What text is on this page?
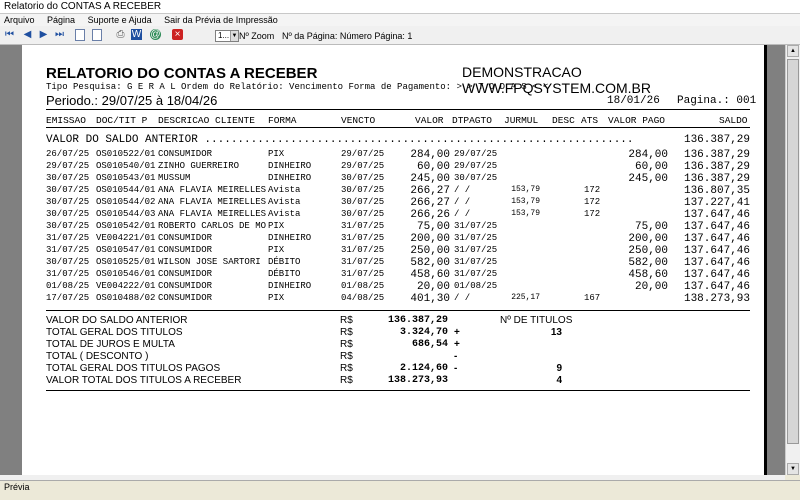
Relatorio do CONTAS A RECEBER
Arquivo Página Suporte e Ajuda Sair da Prévia de Impressão
⏮ ◀ ▶ ⏭	⎙ W @ ×	1... ▼ Nº Zoom Nº da Página: Número Página: 1
RELATORIO DO CONTAS A RECEBER	DEMONSTRACAO WWW.FPQSYSTEM.COM.BR
Tipo Pesquisa: G E R A L Ordem do Relatório: Vencimento Forma de Pagamento: > > T O D A S < <
Periodo.: 29/07/25 à 18/04/26	18/01/26 Pagina.: 001
EMISSAO DOC/TIT P DESCRICAO CLIENTE FORMA	VENCTO	VALOR DTPAGTO JURMUL DESC ATS VALOR PAGO	SALDO
VALOR DO SALDO ANTERIOR .................................................................	136.387,29
26/07/25 OS010522/01 CONSUMIDOR	PIX	29/07/25	284,00 29/07/25	284,00	136.387,29
29/07/25 OS010540/01 ZINHO GUERREIRO	DINHEIRO	29/07/25	60,00 29/07/25	60,00	136.387,29
30/07/25 OS010543/01 MUSSUM	DINHEIRO	30/07/25	245,00 30/07/25	245,00	136.387,29
30/07/25 OS010544/01 ANA FLAVIA MEIRELLES Avista	30/07/25	266,27 / /	153,79	172	136.807,35
30/07/25 OS010544/02 ANA FLAVIA MEIRELLES Avista	30/07/25	266,27 / /	153,79	172	137.227,41
30/07/25 OS010544/03 ANA FLAVIA MEIRELLES Avista	30/07/25	266,26 / /	153,79	172	137.647,46
30/07/25 OS010542/01 ROBERTO CARLOS DE MO PIX	31/07/25	75,00 31/07/25	75,00	137.647,46
31/07/25 VE004221/01 CONSUMIDOR	DINHEIRO	31/07/25	200,00 31/07/25	200,00	137.647,46
31/07/25 OS010547/01 CONSUMIDOR	PIX	31/07/25	250,00 31/07/25	250,00	137.647,46
30/07/25 OS010525/01 WILSON JOSE SARTORI DÉBITO	31/07/25	582,00 31/07/25	582,00	137.647,46
31/07/25 OS010546/01 CONSUMIDOR	DÉBITO	31/07/25	458,60 31/07/25	458,60	137.647,46
01/08/25 VE004222/01 CONSUMIDOR	DINHEIRO	01/08/25	20,00 01/08/25	20,00	137.647,46
17/07/25 OS010488/02 CONSUMIDOR	PIX	04/08/25	401,30 / /	225,17	167	138.273,93
VALOR DO SALDO ANTERIOR	R$	136.387,29	Nº DE TITULOS
TOTAL GERAL DOS TITULOS	R$	3.324,70 +	13
TOTAL DE JUROS E MULTA	R$	686,54 +
TOTAL ( DESCONTO )	R$	-
TOTAL GERAL DOS TITULOS PAGOS	R$	2.124,60 -	9
VALOR TOTAL DOS TITULOS A RECEBER	R$	138.273,93	4
▲
▼
Prévia
